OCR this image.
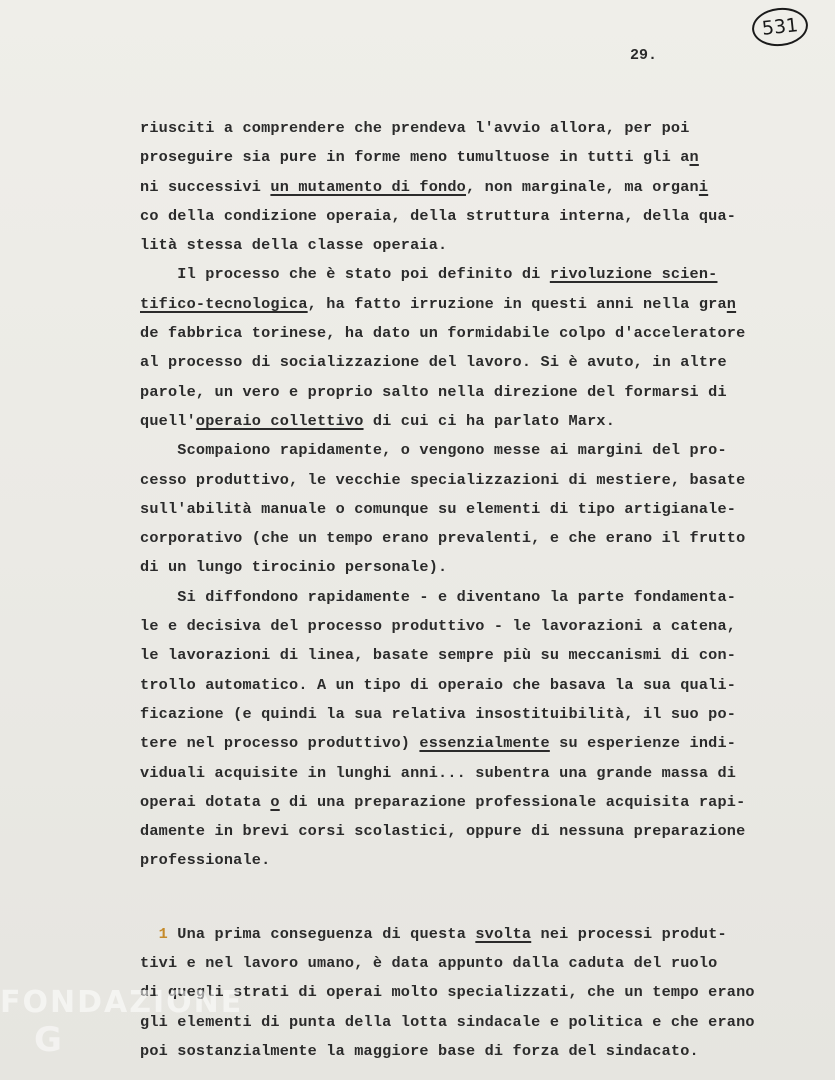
531
29.
riusciti a comprendere che prendeva l'avvio allora, per poi
proseguire sia pure in forme meno tumultuose in tutti gli an
ni successivi un mutamento di fondo, non marginale, ma organi
co della condizione operaia, della struttura interna, della qua-
lità stessa della classe operaia.
Il processo che è stato poi definito di rivoluzione scien-
tifico-tecnologica, ha fatto irruzione in questi anni nella gran
de fabbrica torinese, ha dato un formidabile colpo d'acceleratore
al processo di socializzazione del lavoro. Si è avuto, in altre
parole, un vero e proprio salto nella direzione del formarsi di
quell'operaio collettivo di cui ci ha parlato Marx.
Scompaiono rapidamente, o vengono messe ai margini del pro-
cesso produttivo, le vecchie specializzazioni di mestiere, basate
sull'abilità manuale o comunque su elementi di tipo artigianale-
corporativo (che un tempo erano prevalenti, e che erano il frutto
di un lungo tirocinio personale).
Si diffondono rapidamente - e diventano la parte fondamenta-
le e decisiva del processo produttivo - le lavorazioni a catena,
le lavorazioni di linea, basate sempre più su meccanismi di con-
trollo automatico. A un tipo di operaio che basava la sua quali-
ficazione (e quindi la sua relativa insostituibilità, il suo po-
tere nel processo produttivo) essenzialmente su esperienze indi-
viduali acquisite in lunghi anni... subentra una grande massa di
operai dotata o di una preparazione professionale acquisita rapi-
damente in brevi corsi scolastici, oppure di nessuna preparazione
professionale.
1 Una prima conseguenza di questa svolta nei processi produt-
tivi e nel lavoro umano, è data appunto dalla caduta del ruolo
di quegli strati di operai molto specializzati, che un tempo erano
gli elementi di punta della lotta sindacale e politica e che erano
poi sostanzialmente la maggiore base di forza del sindacato.
FONDAZIONE
G
